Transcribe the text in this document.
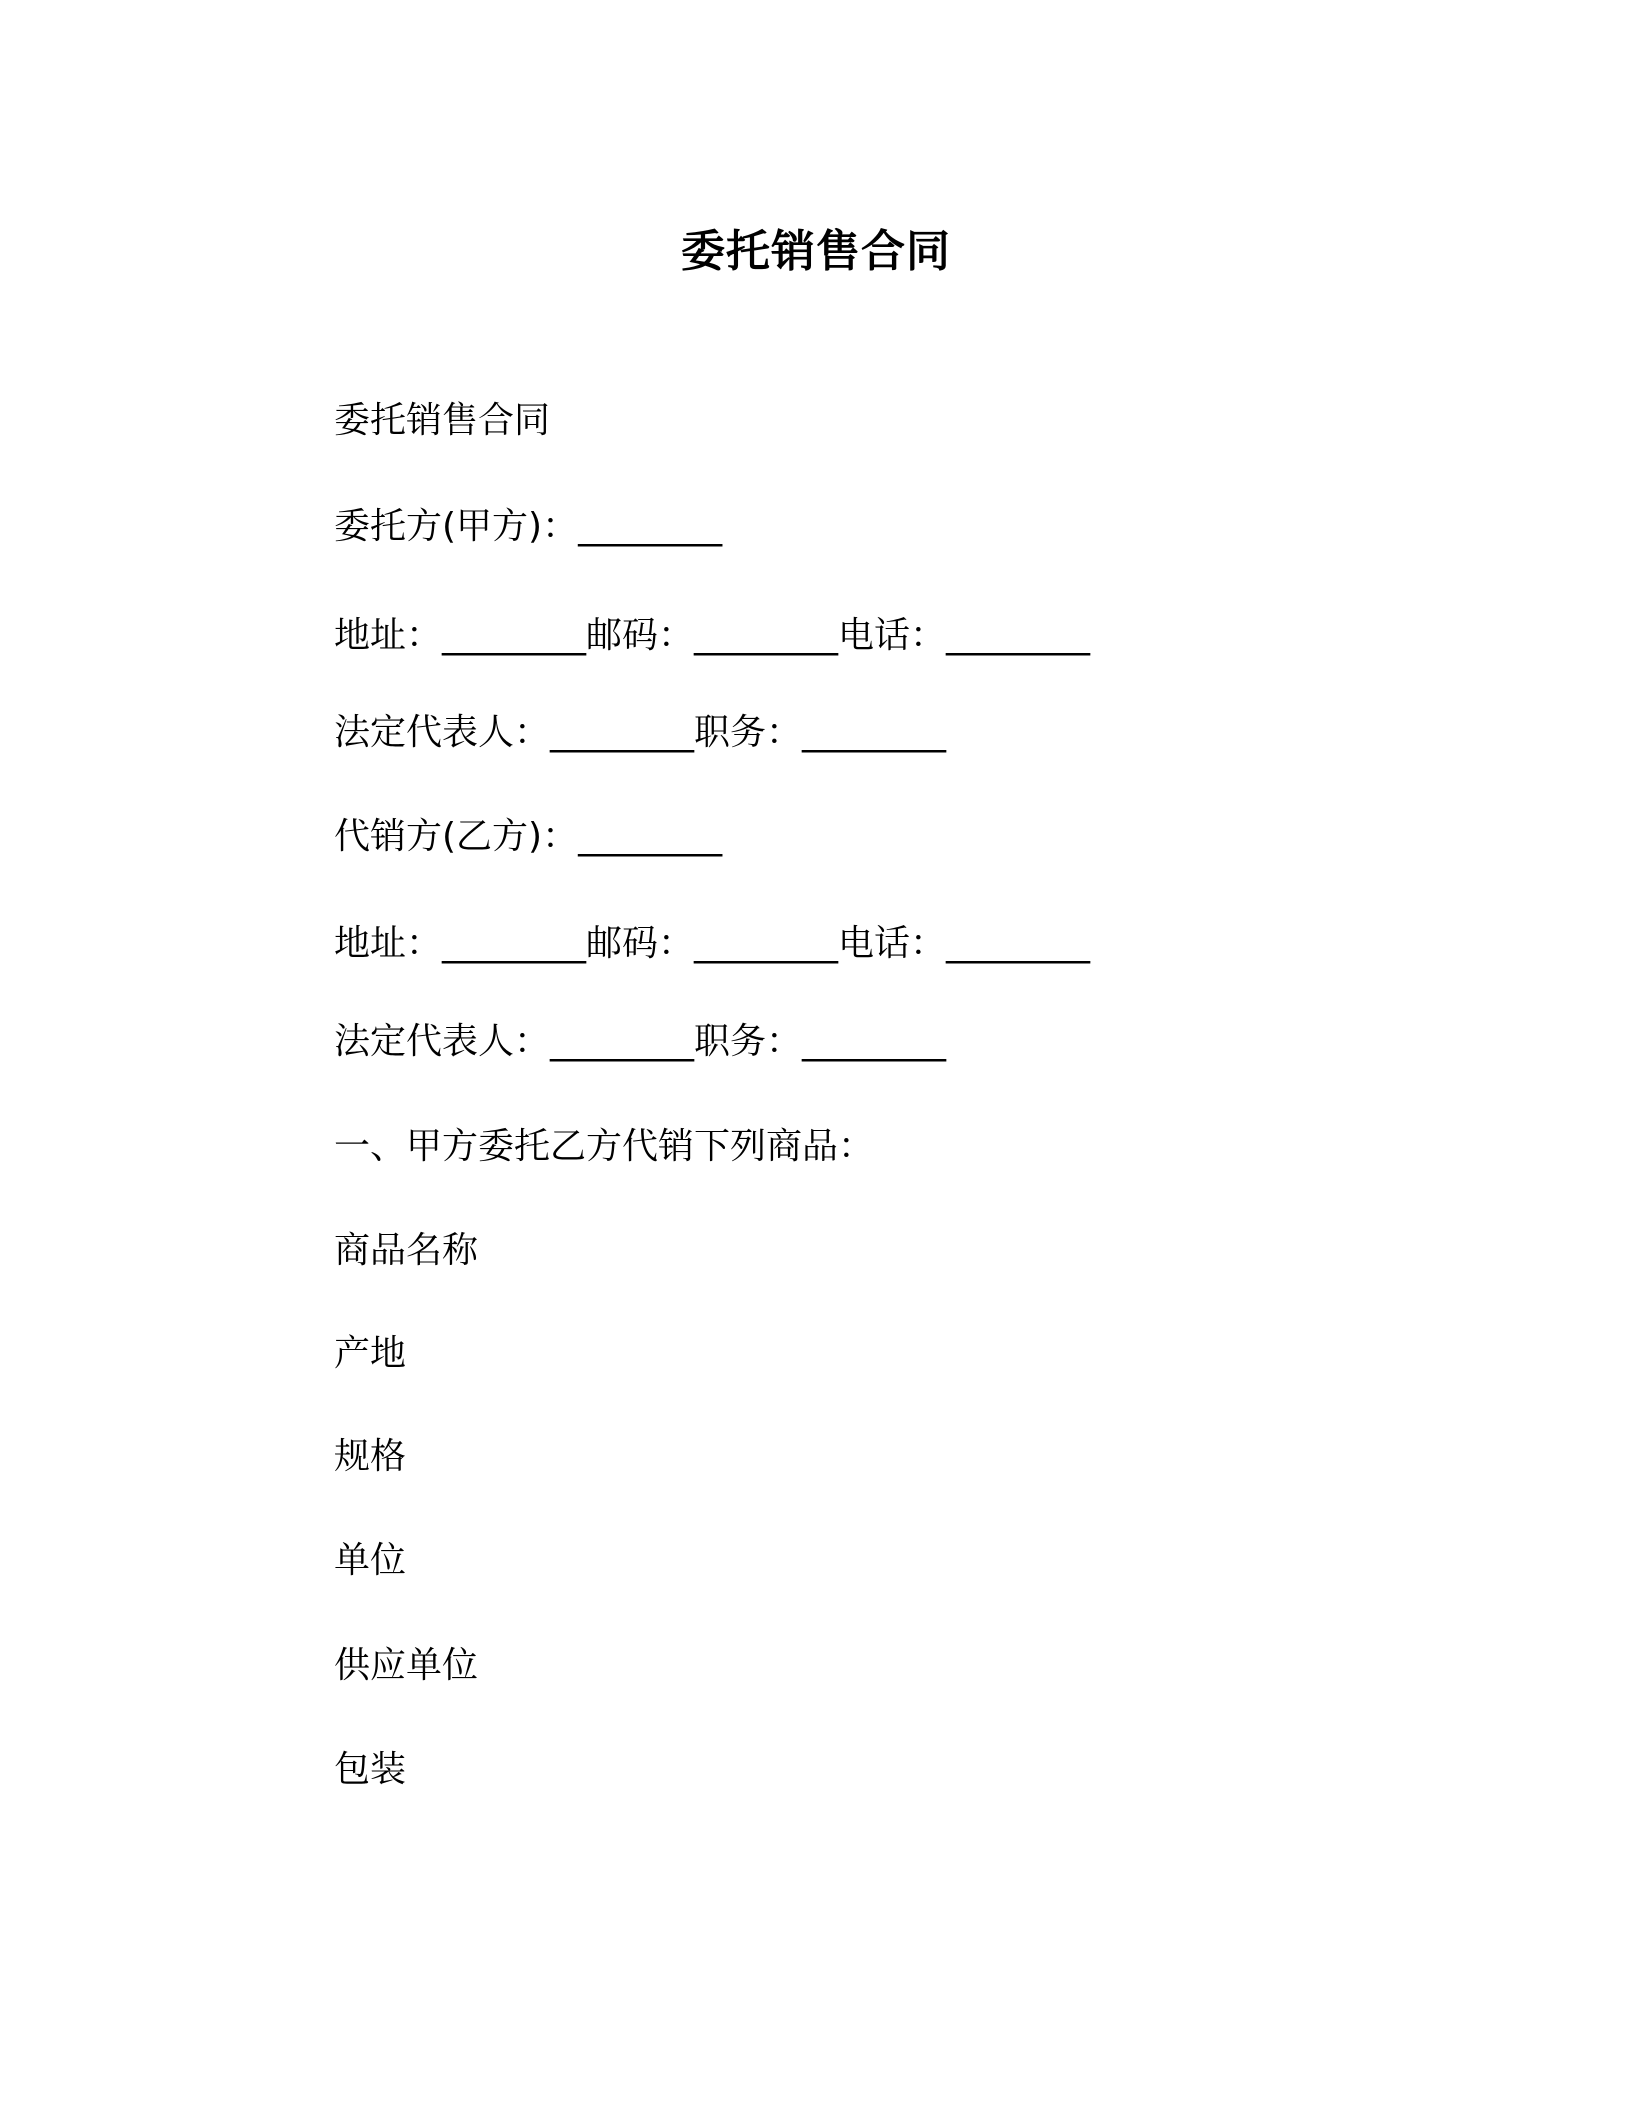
委托销售合同
委托销售合同
委托方(甲方)：________
地址：________邮码：________电话：________
法定代表人：________职务：________
代销方(乙方)：________
地址：________邮码：________电话：________
法定代表人：________职务：________
一、甲方委托乙方代销下列商品：
商品名称
产地
规格
单位
供应单位
包装
